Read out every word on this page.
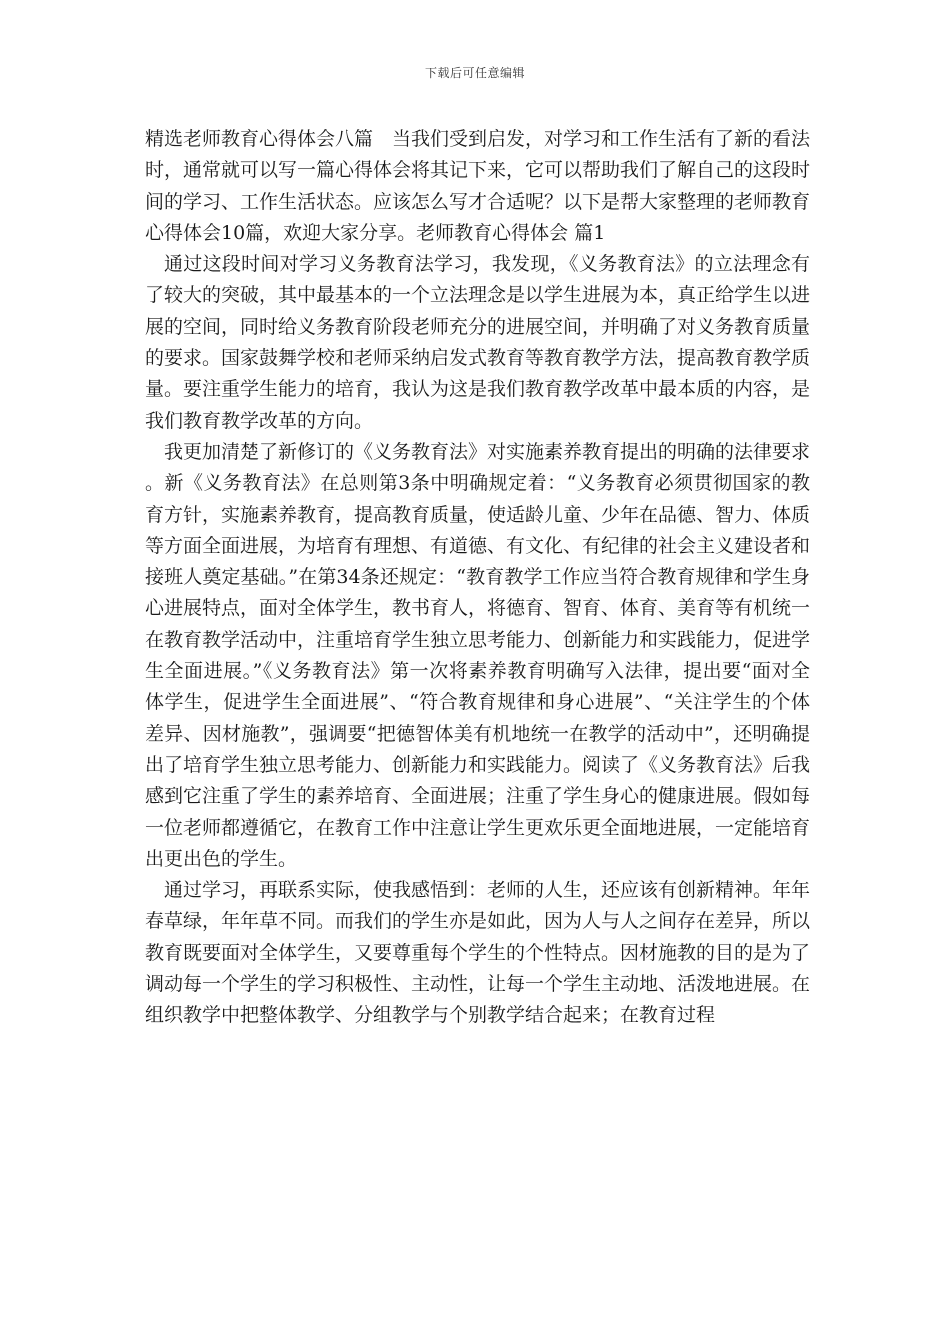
下载后可任意编辑

精选老师教育心得体会八篇　当我们受到启发，对学习和工作生活有了新的看法时，通常就可以写一篇心得体会将其记下来，它可以帮助我们了解自己的这段时间的学习、工作生活状态。应该怎么写才合适呢？以下是帮大家整理的老师教育心得体会10篇，欢迎大家分享。老师教育心得体会 篇1

通过这段时间对学习义务教育法学习，我发现，《义务教育法》的立法理念有了较大的突破，其中最基本的一个立法理念是以学生进展为本，真正给学生以进展的空间，同时给义务教育阶段老师充分的进展空间，并明确了对义务教育质量的要求。国家鼓舞学校和老师采纳启发式教育等教育教学方法，提高教育教学质量。要注重学生能力的培育，我认为这是我们教育教学改革中最本质的内容，是我们教育教学改革的方向。

我更加清楚了新修订的《义务教育法》对实施素养教育提出的明确的法律要求。新《义务教育法》在总则第3条中明确规定着：“义务教育必须贯彻国家的教育方针，实施素养教育，提高教育质量，使适龄儿童、少年在品德、智力、体质等方面全面进展，为培育有理想、有道德、有文化、有纪律的社会主义建设者和接班人奠定基础。”在第34条还规定：“教育教学工作应当符合教育规律和学生身心进展特点，面对全体学生，教书育人，将德育、智育、体育、美育等有机统一在教育教学活动中，注重培育学生独立思考能力、创新能力和实践能力，促进学生全面进展。”《义务教育法》第一次将素养教育明确写入法律，提出要“面对全体学生，促进学生全面进展”、“符合教育规律和身心进展”、“关注学生的个体差异、因材施教”，强调要“把德智体美有机地统一在教学的活动中”，还明确提出了培育学生独立思考能力、创新能力和实践能力。阅读了《义务教育法》后我感到它注重了学生的素养培育、全面进展；注重了学生身心的健康进展。假如每一位老师都遵循它，在教育工作中注意让学生更欢乐更全面地进展，一定能培育出更出色的学生。

通过学习，再联系实际，使我感悟到：老师的人生，还应该有创新精神。年年春草绿，年年草不同。而我们的学生亦是如此，因为人与人之间存在差异，所以教育既要面对全体学生，又要尊重每个学生的个性特点。因材施教的目的是为了调动每一个学生的学习积极性、主动性，让每一个学生主动地、活泼地进展。在组织教学中把整体教学、分组教学与个别教学结合起来；在教育过程
